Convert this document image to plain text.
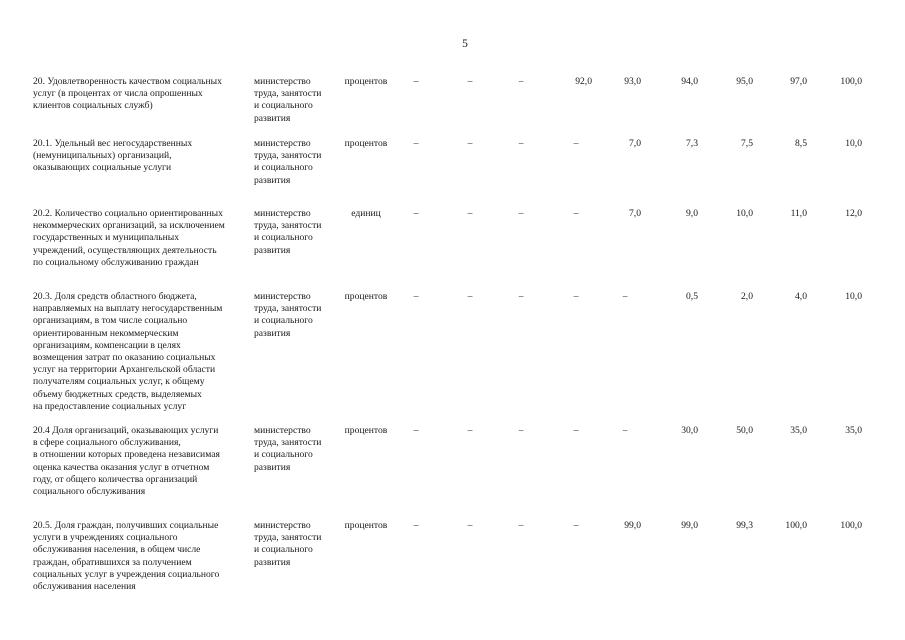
5
20. Удовлетворенность качеством социальных
услуг (в процентах от числа опрошенных
клиентов социальных служб)
министерство
труда, занятости
и социального
развития
процентов	–	–	–	92,0	93,0	94,0	95,0	97,0	100,0
20.1. Удельный вес негосударственных
(немуниципальных) организаций,
оказывающих социальные услуги
министерство
труда, занятости
и социального
развития
процентов	–	–	–	–	7,0	7,3	7,5	8,5	10,0
20.2. Количество социально ориентированных
некоммерческих организаций, за исключением
государственных и муниципальных
учреждений, осуществляющих деятельность
по социальному обслуживанию граждан
министерство
труда, занятости
и социального
развития
единиц	–	–	–	–	7,0	9,0	10,0	11,0	12,0
20.3. Доля средств областного бюджета,
направляемых на выплату негосударственным
организациям, в том числе социально
ориентированным некоммерческим
организациям, компенсации в целях
возмещения затрат по оказанию социальных
услуг на территории Архангельской области
получателям социальных услуг, к общему
объему бюджетных средств, выделяемых
на предоставление социальных услуг
министерство
труда, занятости
и социального
развития
процентов	–	–	–	–	–	0,5	2,0	4,0	10,0
20.4 Доля организаций, оказывающих услуги
в сфере социального обслуживания,
в отношении которых проведена независимая
оценка качества оказания услуг в отчетном
году, от общего количества организаций
социального обслуживания
министерство
труда, занятости
и социального
развития
процентов	–	–	–	–	–	30,0	50,0	35,0	35,0
20.5. Доля граждан, получивших социальные
услуги в учреждениях социального
обслуживания населения, в общем числе
граждан, обратившихся за получением
социальных услуг в учреждения социального
обслуживания населения
министерство
труда, занятости
и социального
развития
процентов	–	–	–	–	99,0	99,0	99,3	100,0	100,0
